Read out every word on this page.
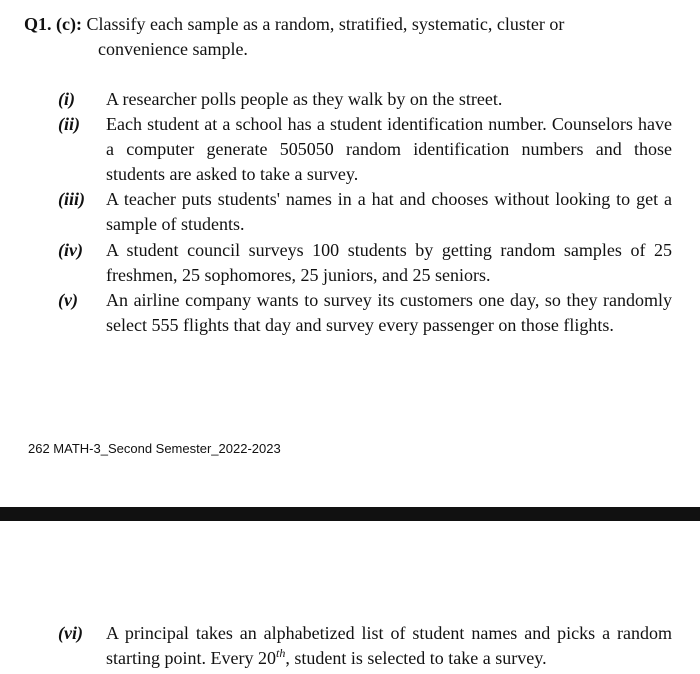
Q1. (c): Classify each sample as a random, stratified, systematic, cluster or
convenience sample.
(i) A researcher polls people as they walk by on the street.
(ii) Each student at a school has a student identification number. Counselors have a computer generate 505050 random identification numbers and those students are asked to take a survey.
(iii) A teacher puts students' names in a hat and chooses without looking to get a sample of students.
(iv) A student council surveys 100 students by getting random samples of 25 freshmen, 25 sophomores, 25 juniors, and 25 seniors.
(v) An airline company wants to survey its customers one day, so they randomly select 555 flights that day and survey every passenger on those flights.
262 MATH-3_Second Semester_2022-2023
(vi) A principal takes an alphabetized list of student names and picks a random starting point. Every 20th, student is selected to take a survey.
